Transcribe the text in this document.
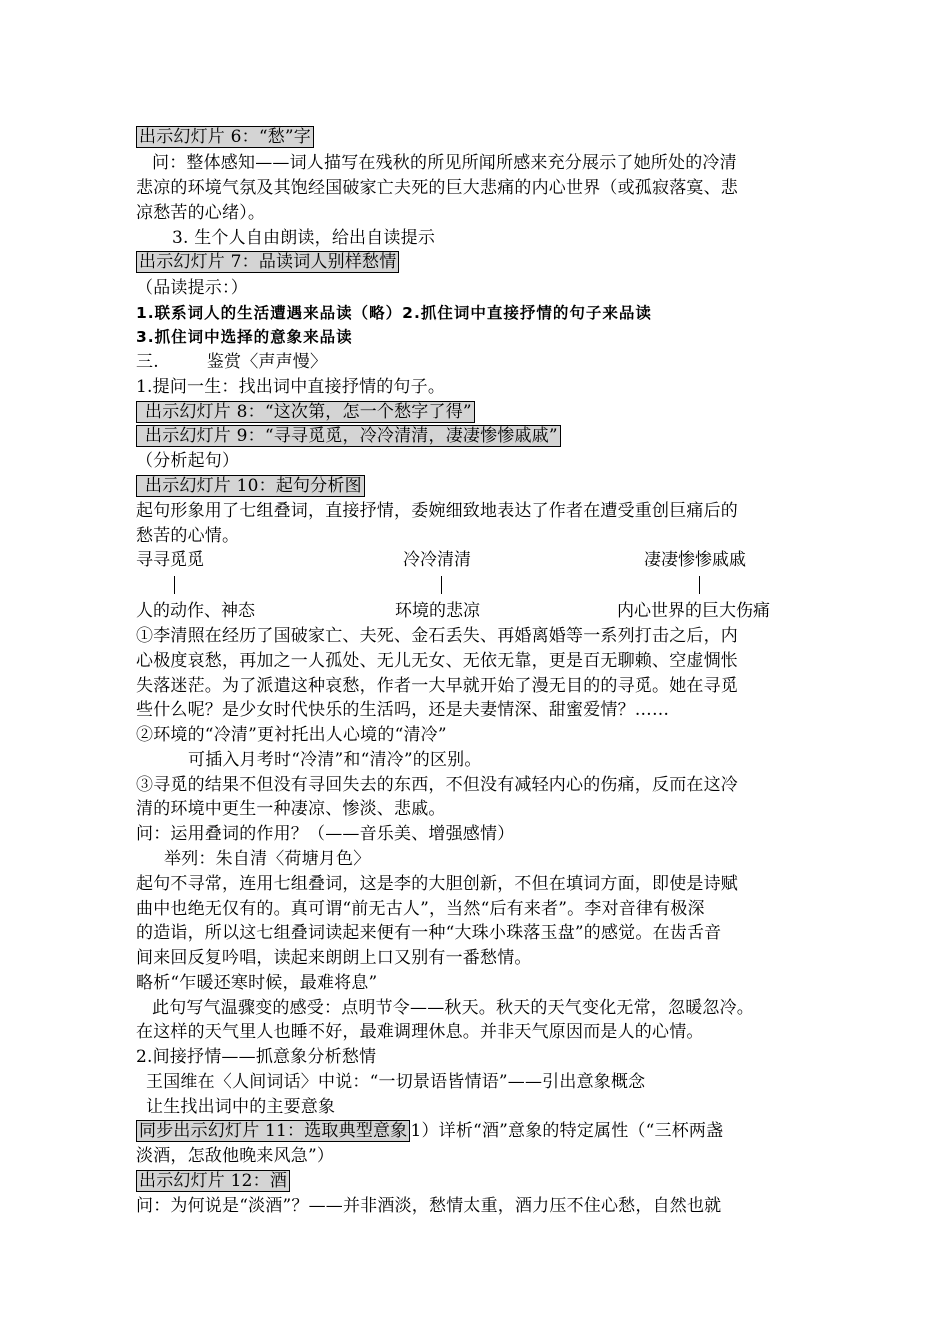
出示幻灯片 6：“愁”字
问：整体感知——词人描写在残秋的所见所闻所感来充分展示了她所处的冷清
悲凉的环境气氛及其饱经国破家亡夫死的巨大悲痛的内心世界（或孤寂落寞、悲
凉愁苦的心绪）。
3. 生个人自由朗读，给出自读提示
出示幻灯片 7：品读词人别样愁情
（品读提示：）
1.联系词人的生活遭遇来品读（略）2.抓住词中直接抒情的句子来品读
3.抓住词中选择的意象来品读
三.	鉴赏〈声声慢〉
1.提问一生：找出词中直接抒情的句子。
出示幻灯片 8：“这次第，怎一个愁字了得”
出示幻灯片 9：“寻寻觅觅，冷冷清清，凄凄惨惨戚戚”
（分析起句）
出示幻灯片 10：起句分析图
起句形象用了七组叠词，直接抒情，委婉细致地表达了作者在遭受重创巨痛后的
愁苦的心情。
寻寻觅觅	冷冷清清	凄凄惨惨戚戚
人的动作、神态	环境的悲凉	内心世界的巨大伤痛
①李清照在经历了国破家亡、夫死、金石丢失、再婚离婚等一系列打击之后，内
心极度哀愁，再加之一人孤处、无儿无女、无依无靠，更是百无聊赖、空虚惆怅
失落迷茫。为了派遣这种哀愁，作者一大早就开始了漫无目的的寻觅。她在寻觅
些什么呢？是少女时代快乐的生活吗，还是夫妻情深、甜蜜爱情？……
②环境的“冷清”更衬托出人心境的“清冷”
可插入月考时“冷清”和“清冷”的区别。
③寻觅的结果不但没有寻回失去的东西，不但没有减轻内心的伤痛，反而在这冷
清的环境中更生一种凄凉、惨淡、悲戚。
问：运用叠词的作用？（——音乐美、增强感情）
举列：朱自清〈荷塘月色〉
起句不寻常，连用七组叠词，这是李的大胆创新，不但在填词方面，即使是诗赋
曲中也绝无仅有的。真可谓“前无古人”，当然“后有来者”。李对音律有极深
的造诣，所以这七组叠词读起来便有一种“大珠小珠落玉盘”的感觉。在齿舌音
间来回反复吟唱，读起来朗朗上口又别有一番愁情。
略析“乍暖还寒时候，最难将息”
此句写气温骤变的感受：点明节令——秋天。秋天的天气变化无常，忽暖忽冷。
在这样的天气里人也睡不好，最难调理休息。并非天气原因而是人的心情。
2.间接抒情——抓意象分析愁情
王国维在〈人间词话〉中说：“一切景语皆情语”——引出意象概念
让生找出词中的主要意象
同步出示幻灯片 11：选取典型意象 1）详析“酒”意象的特定属性（“三杯两盏
淡酒，怎敌他晚来风急”）
出示幻灯片 12：酒
问：为何说是“淡酒”？——并非酒淡，愁情太重，酒力压不住心愁，自然也就
